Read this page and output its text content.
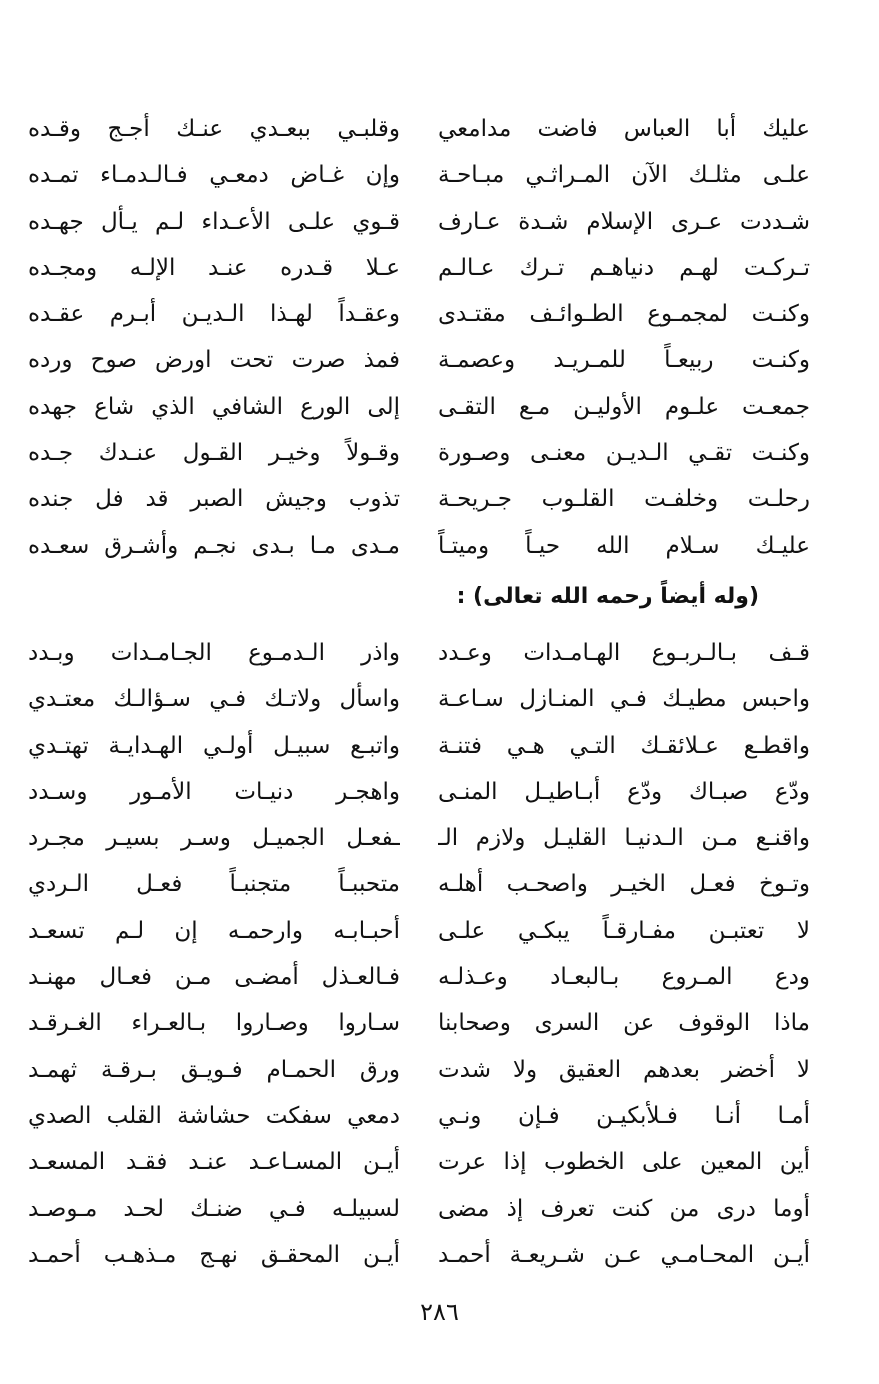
عليك أبا العباس فاضت مدامعي
علـى مثلـك الآن المـراثـي مبـاحـة
شـددت عـرى الإسلام شـدة عـارف
تـركـت لهـم دنياهـم تـرك عـالـم
وكنـت لمجمـوع الطـوائـف مقتـدى
وكنـت ربيعـاً للمـريـد وعصمـة
جمعـت علـوم الأوليـن مـع التقـى
وكنـت تقـي الـديـن معنـى وصـورة
رحلـت وخلفـت القلـوب جـريحـة
عليـك سـلام الله حيـاً وميتـاً
وقلبـي ببعـدي عنـك أجـج وقـده
وإن غـاض دمعـي فـالـدمـاء تمـده
قـوي علـى الأعـداء لـم يـأل جهـده
عـلا قـدره عنـد الإلـه ومجـده
وعقـداً لهـذا الـديـن أبـرم عقـده
فمذ صرت تحت اورض صوح ورده
إلى الورع الشافي الذي شاع جهده
وقـولاً وخيـر القـول عنـدك جـده
تذوب وجيش الصبر قد فل جنده
مـدى مـا بـدى نجـم وأشـرق سعـده
(وله أيضاً رحمه الله تعالى) :
قـف بـالـربـوع الهـامـدات وعـدد
واحبس مطيـك فـي المنـازل سـاعـة
واقطـع عـلائقـك التـي هـي فتنـة
ودّع صبـاك ودّع أبـاطيـل المنـى
واقنـع مـن الـدنيـا القليـل ولازم الـ
وتـوخ فعـل الخيـر واصحـب أهلـه
لا تعتبـن مفـارقـاً يبكـي علـى
ودع المـروع بـالبعـاد وعـذلـه
ماذا الوقوف عن السرى وصحابنا
لا أخضر بعدهم العقيق ولا شدت
أمـا أنـا فـلأبكيـن فـإن ونـي
أين المعين على الخطوب إذا عرت
أوما درى من كنت تعرف إذ مضى
أيـن المحـامـي عـن شـريعـة أحمـد
واذر الـدمـوع الجـامـدات وبـدد
واسأل ولاتـك فـي سـؤالـك معتـدي
واتبـع سبيـل أولـي الهـدايـة تهتـدي
واهجـر دنيـات الأمـور وسـدد
ـفعـل الجميـل وسـر بسيـر مجـرد
متحببـاً متجنبـاً فعـل الـردي
أحبـابـه وارحمـه إن لـم تسعـد
فـالعـذل أمضـى مـن فعـال مهنـد
سـاروا وصـاروا بـالعـراء الغـرقـد
ورق الحمـام فـويـق بـرقـة ثهمـد
دمعي سفكت حشاشة القلب الصدي
أيـن المسـاعـد عنـد فقـد المسعـد
لسبيلـه فـي ضنـك لحـد مـوصـد
أيـن المحقـق نهـج مـذهـب أحمـد
٢٨٦
